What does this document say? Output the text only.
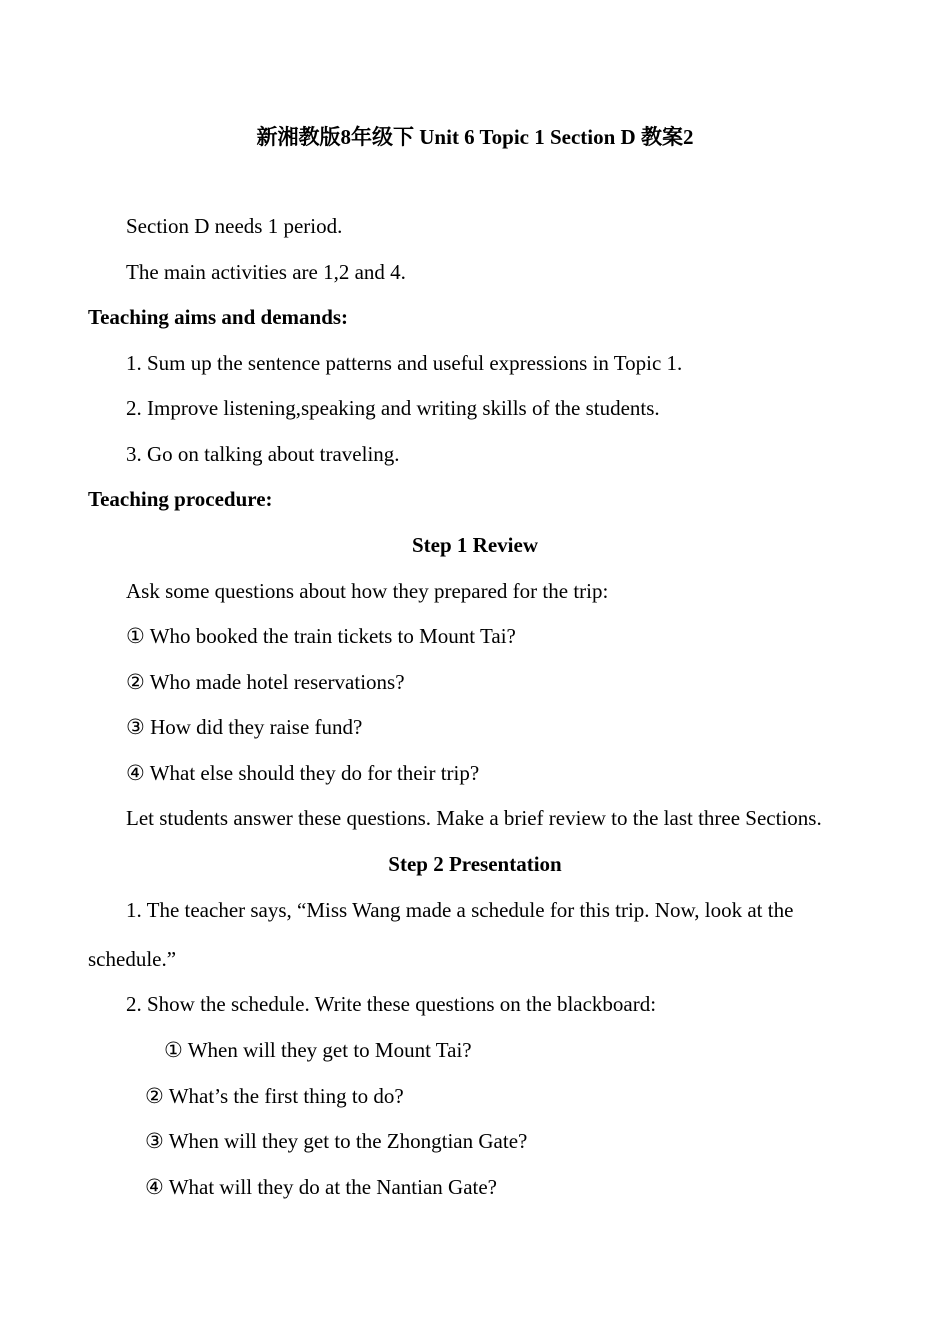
新湘教版8年级下 Unit 6 Topic 1 Section D 教案2
Section D needs 1 period.
The main activities are 1,2 and 4.
Teaching aims and demands:
1. Sum up the sentence patterns and useful expressions in Topic 1.
2. Improve listening,speaking and writing skills of the students.
3. Go on talking about traveling.
Teaching procedure:
Step 1 Review
Ask some questions about how they prepared for the trip:
① Who booked the train tickets to Mount Tai?
② Who made hotel reservations?
③ How did they raise fund?
④ What else should they do for their trip?
Let students answer these questions. Make a brief review to the last three Sections.
Step 2 Presentation
1. The teacher says, “Miss Wang made a schedule for this trip. Now, look at the
schedule.”
2. Show the schedule. Write these questions on the blackboard:
① When will they get to Mount Tai?
② What’s the first thing to do?
③ When will they get to the Zhongtian Gate?
④ What will they do at the Nantian Gate?
